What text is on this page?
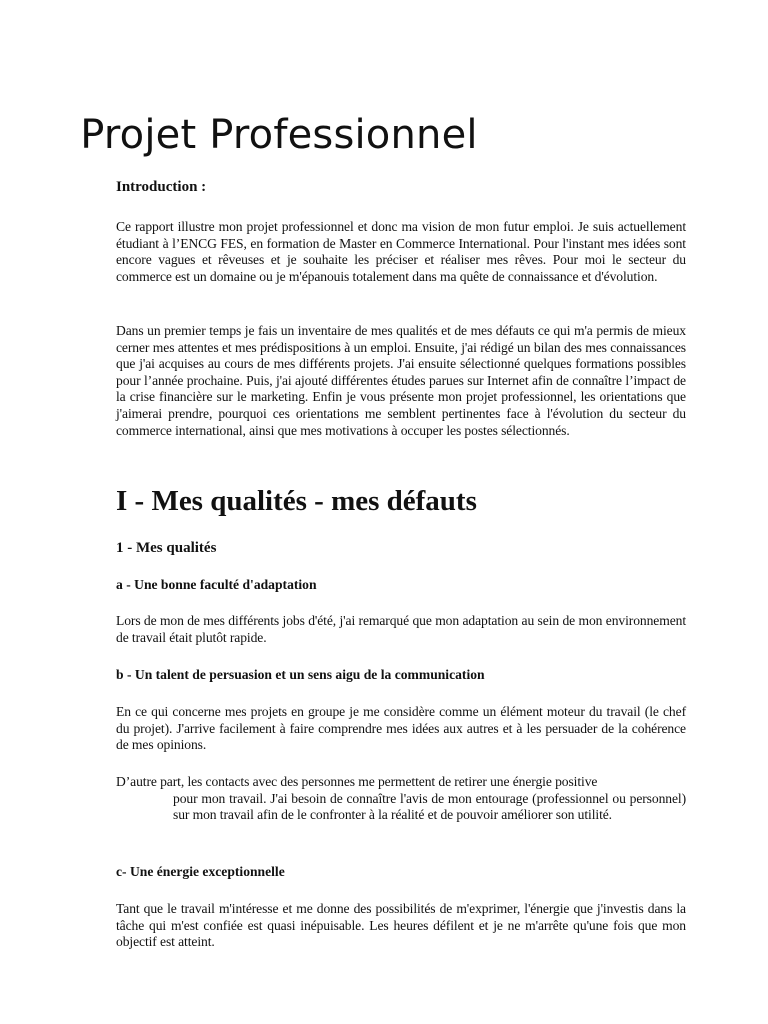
Projet Professionnel
Introduction :

Ce rapport illustre mon projet professionnel et donc ma vision de mon futur emploi. Je suis actuellement étudiant à l’ENCG FES, en formation de Master en Commerce International. Pour l'instant mes idées sont encore vagues et rêveuses et je souhaite les préciser et réaliser mes rêves. Pour moi le secteur du commerce est un domaine ou je m'épanouis totalement dans ma quête de connaissance et d'évolution.

Dans un premier temps je fais un inventaire de mes qualités et de mes défauts ce qui m'a permis de mieux cerner mes attentes et mes prédispositions à un emploi. Ensuite, j'ai rédigé un bilan des mes connaissances que j'ai acquises au cours de mes différents projets. J'ai ensuite sélectionné quelques formations possibles pour l’année prochaine. Puis, j'ai ajouté différentes études parues sur Internet afin de connaître l’impact de la crise financière sur le marketing. Enfin je vous présente mon projet professionnel, les orientations que j'aimerai prendre, pourquoi ces orientations me semblent pertinentes face à l'évolution du secteur du commerce international, ainsi que mes motivations à occuper les postes sélectionnés.

I - Mes qualités - mes défauts
1 - Mes qualités
a - Une bonne faculté d'adaptation

Lors de mon de mes différents jobs d'été, j'ai remarqué que mon adaptation au sein de mon environnement de travail était plutôt rapide.

b - Un talent de persuasion et un sens aigu de la communication

En ce qui concerne mes projets en groupe je me considère comme un élément moteur du travail (le chef du projet). J'arrive facilement à faire comprendre mes idées aux autres et à les persuader de la cohérence de mes opinions.

D’autre part, les contacts avec des personnes me permettent de retirer une énergie positive
pour mon travail. J'ai besoin de connaître l'avis de mon entourage (professionnel ou personnel) sur mon travail afin de le confronter à la réalité et de pouvoir améliorer son utilité.

c- Une énergie exceptionnelle

Tant que le travail m'intéresse et me donne des possibilités de m'exprimer, l'énergie que j'investis dans la tâche qui m'est confiée est quasi inépuisable. Les heures défilent et je ne m'arrête qu'une fois que mon objectif est atteint.
